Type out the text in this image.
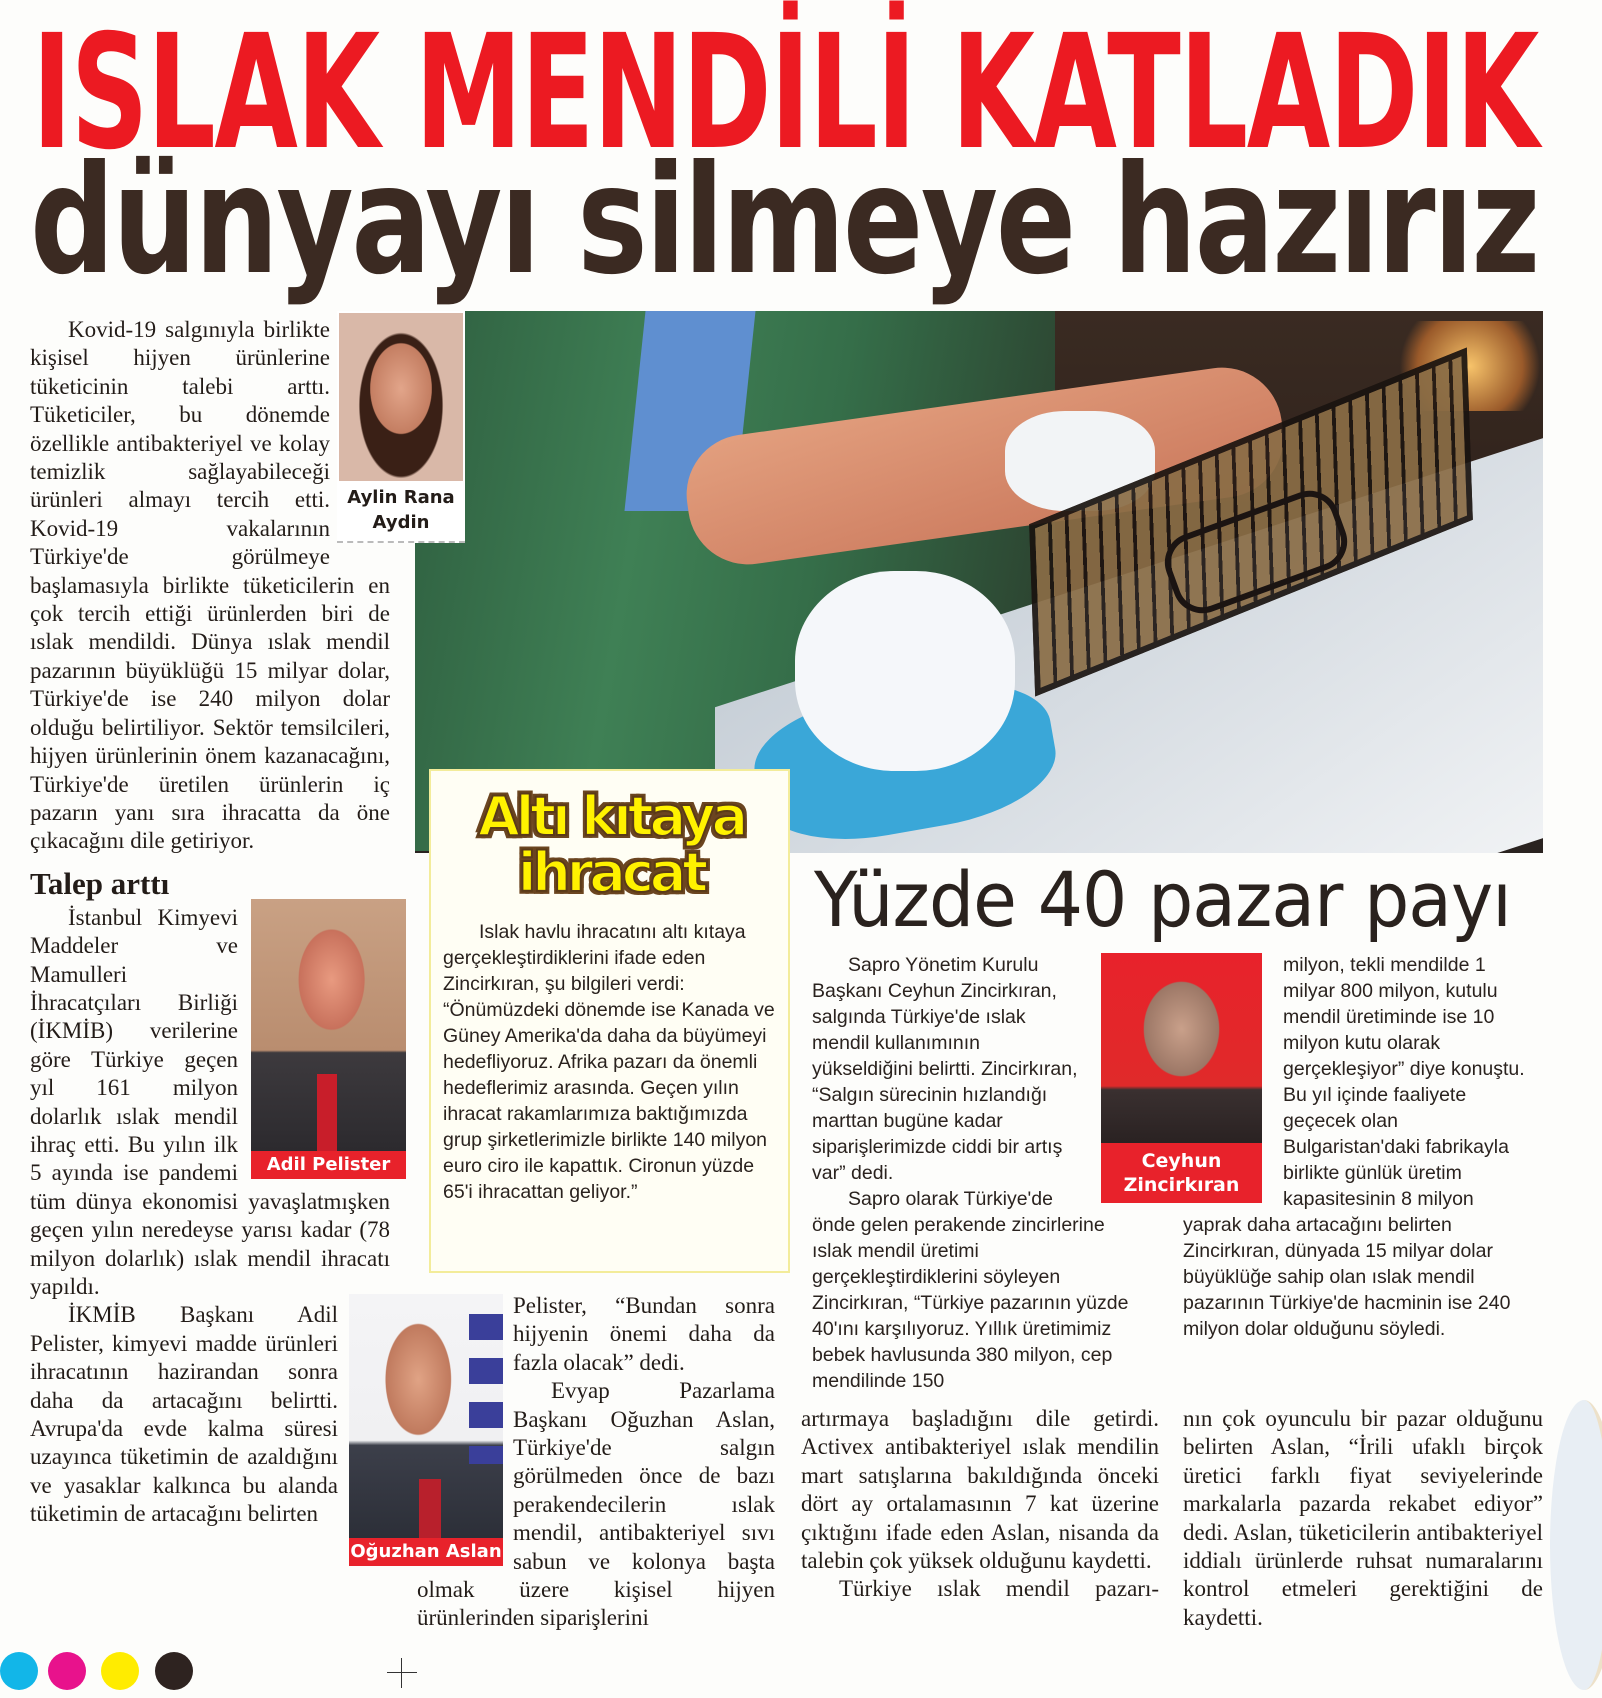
ISLAK MENDİLİ KATLADIK
dünyayı silmeye hazırız
Aylin Rana
Aydin

Kovid-19 salgınıyla birlikte kişisel hijyen ürünlerine tüketicinin talebi arttı. Tüketiciler, bu dönemde özellikle antibakteriyel ve kolay temizlik sağlayabileceği ürünleri almayı tercih etti. Kovid-19 vakalarının Türkiye'de görülmeye başlamasıyla birlikte tüketicilerin en çok tercih ettiği ürünlerden biri de ıslak mendildi. Dünya ıslak mendil pazarının büyüklüğü 15 milyar dolar, Türkiye'de ise 240 milyon dolar olduğu belirtiliyor. Sektör temsilcileri, hijyen ürünlerinin önem kazanacağını, Türkiye'de üretilen ürünlerin iç pazarın yanı sıra ihracatta da öne çıkacağını dile getiriyor.

Talep arttı

İstanbul Kimyevi Maddeler ve Mamulleri İhracatçıları Birliği (İKMİB) verilerine göre Türkiye geçen yıl 161 milyon dolarlık ıslak mendil ihraç etti. Bu yılın ilk 5 ayında ise pandemi tüm dünya ekonomisi yavaşlatmışken geçen yılın neredeyse yarısı kadar (78 milyon dolarlık) ıslak mendil ihracatı yapıldı.

İKMİB Başkanı Adil Pelister, kimyevi madde ürünleri ihracatının hazirandan sonra daha da artacağını belirtti. Avrupa'da evde kalma süresi uzayınca tüketimin de azaldığını ve yasaklar kalkınca bu alanda tüketimin de artacağını belirten

Adil Pelister
Altı kıtaya
ihracat

Islak havlu ihracatını altı kıtaya gerçekleştirdiklerini ifade eden Zincirkıran, şu bilgileri verdi: “Önümüzdeki dönemde ise Kanada ve Güney Amerika'da daha da büyümeyi hedefliyoruz. Afrika pazarı da önemli hedeflerimiz arasında. Geçen yılın ihracat rakamlarımıza baktığımızda grup şirketlerimizle birlikte 140 milyon euro ciro ile kapattık. Cironun yüzde 65'i ihracattan geliyor.”

Oğuzhan Aslan

Pelister, “Bundan sonra hijyenin önemi daha da fazla olacak” dedi.

Evyap Pazarlama Başkanı Oğuzhan Aslan, Türkiye'de salgın görülmeden önce de bazı perakendecilerin ıslak mendil, antibakteriyel sıvı sabun ve kolonya başta olmak üzere kişisel hijyen ürünlerinden siparişlerini

Yüzde 40 pazar payı

Sapro Yönetim Kurulu Başkanı Ceyhun Zincirkıran, salgında Türkiye'de ıslak mendil kullanımının yükseldiğini belirtti. Zincirkıran, “Salgın sürecinin hızlandığı marttan bugüne kadar siparişlerimizde ciddi bir artış var” dedi.

Sapro olarak Türkiye'de önde gelen perakende zincirlerine ıslak mendil üretimi gerçekleştirdiklerini söyleyen Zincirkıran, “Türkiye pazarının yüzde 40'ını karşılıyoruz. Yıllık üretimimiz bebek havlusunda 380 milyon, cep mendilinde 150

Ceyhun
Zincirkıran

milyon, tekli mendilde 1 milyar 800 milyon, kutulu mendil üretiminde ise 10 milyon kutu olarak gerçekleşiyor” diye konuştu. Bu yıl içinde faaliyete geçecek olan Bulgaristan'daki fabrikayla birlikte günlük üretim kapasitesinin 8 milyon yaprak daha artacağını belirten Zincirkıran, dünyada 15 milyar dolar büyüklüğe sahip olan ıslak mendil pazarının Türkiye'de hacminin ise 240 milyon dolar olduğunu söyledi.

artırmaya başladığını dile getirdi. Activex antibakteriyel ıslak mendilin mart satışlarına bakıldığında önceki dört ay ortalamasının 7 kat üzerine çıktığını ifade eden Aslan, nisanda da talebin çok yüksek olduğunu kaydetti.

Türkiye ıslak mendil pazarı-

nın çok oyunculu bir pazar olduğunu belirten Aslan, “İrili ufaklı birçok üretici farklı fiyat seviyelerinde markalarla pazarda rekabet ediyor” dedi. Aslan, tüketicilerin antibakteriyel iddialı ürünlerde ruhsat numaralarını kontrol etmeleri gerektiğini de kaydetti.
